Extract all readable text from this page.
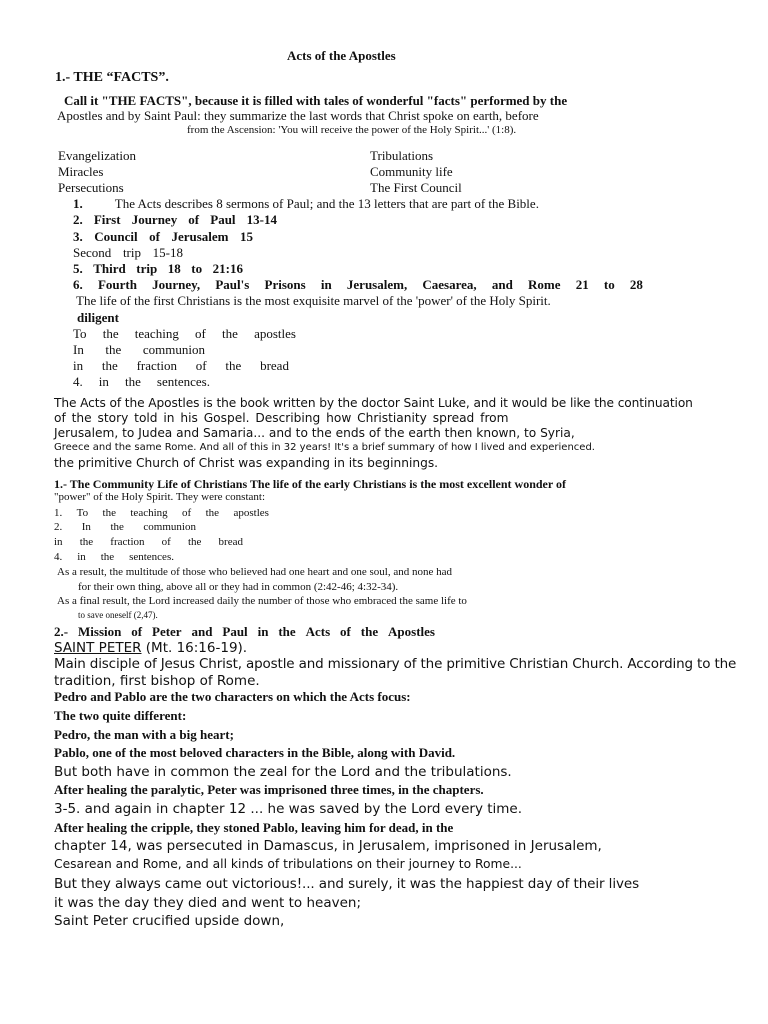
Acts of the Apostles
1.- THE “FACTS”.
Call it "THE FACTS", because it is filled with tales of wonderful "facts" performed by the
Apostles and by Saint Paul: they summarize the last words that Christ spoke on earth, before
from the Ascension: 'You will receive the power of the Holy Spirit...' (1:8).
Evangelization
Miracles
Persecutions
Tribulations
Community life
The First Council
1. The Acts describes 8 sermons of Paul; and the 13 letters that are part of the Bible.
2. First Journey of Paul 13-14
3. Council of Jerusalem 15
Second trip 15-18
5. Third trip 18 to 21:16
6. Fourth Journey, Paul's Prisons in Jerusalem, Caesarea, and Rome 21 to 28
The life of the first Christians is the most exquisite marvel of the 'power' of the Holy Spirit.
diligent
To the teaching of the apostles
In the communion
in the fraction of the bread
4. in the sentences.
The Acts of the Apostles is the book written by the doctor Saint Luke, and it would be like the continuation
of the story told in his Gospel. Describing how Christianity spread from
Jerusalem, to Judea and Samaria... and to the ends of the earth then known, to Syria,
Greece and the same Rome. And all of this in 32 years! It's a brief summary of how I lived and experienced.
the primitive Church of Christ was expanding in its beginnings.
1.- The Community Life of Christians The life of the early Christians is the most excellent wonder of
"power" of the Holy Spirit. They were constant:
1. To the teaching of the apostles
2. In the communion
in the fraction of the bread
4. in the sentences.
As a result, the multitude of those who believed had one heart and one soul, and none had
for their own thing, above all or they had in common (2:42-46; 4:32-34).
As a final result, the Lord increased daily the number of those who embraced the same life to
to save oneself (2,47).
2.- Mission of Peter and Paul in the Acts of the Apostles
SAINT PETER (Mt. 16:16-19).
Main disciple of Jesus Christ, apostle and missionary of the primitive Christian Church. According to the
tradition, first bishop of Rome.
Pedro and Pablo are the two characters on which the Acts focus:
The two quite different:
Pedro, the man with a big heart;
Pablo, one of the most beloved characters in the Bible, along with David.
But both have in common the zeal for the Lord and the tribulations.
After healing the paralytic, Peter was imprisoned three times, in the chapters.
3-5. and again in chapter 12 ... he was saved by the Lord every time.
After healing the cripple, they stoned Pablo, leaving him for dead, in the
chapter 14, was persecuted in Damascus, in Jerusalem, imprisoned in Jerusalem,
Cesarean and Rome, and all kinds of tribulations on their journey to Rome...
But they always came out victorious!... and surely, it was the happiest day of their lives
it was the day they died and went to heaven;
Saint Peter crucified upside down,
